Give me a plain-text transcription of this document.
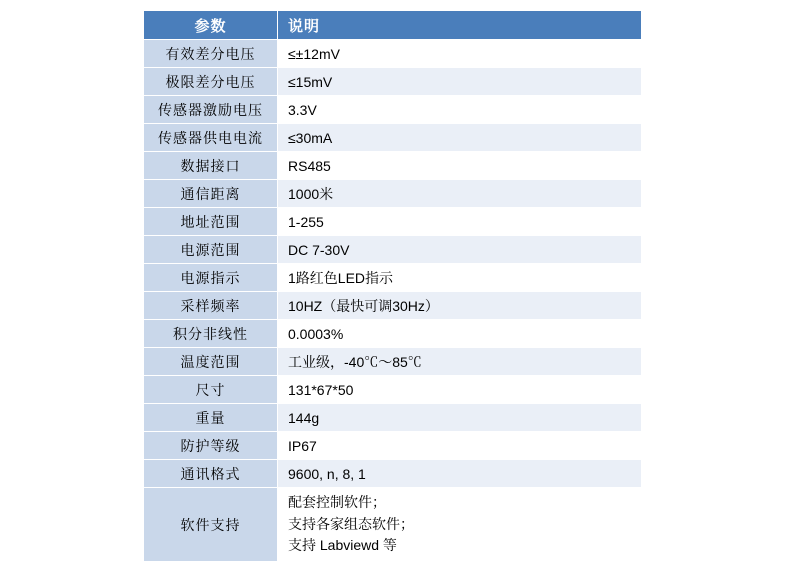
参数	说明
有效差分电压	≤±12mV
极限差分电压	≤15mV
传感器激励电压	3.3V
传感器供电电流	≤30mA
数据接口	RS485
通信距离	1000米
地址范围	1-255
电源范围	DC 7-30V
电源指示	1路红色LED指示
采样频率	10HZ（最快可调30Hz）
积分非线性	0.0003%
温度范围	工业级，-40℃～85℃
尺寸	131*67*50
重量	144g
防护等级	IP67
通讯格式	9600, n, 8, 1
软件支持	配套控制软件；
支持各家组态软件；
支持 Labviewd 等
